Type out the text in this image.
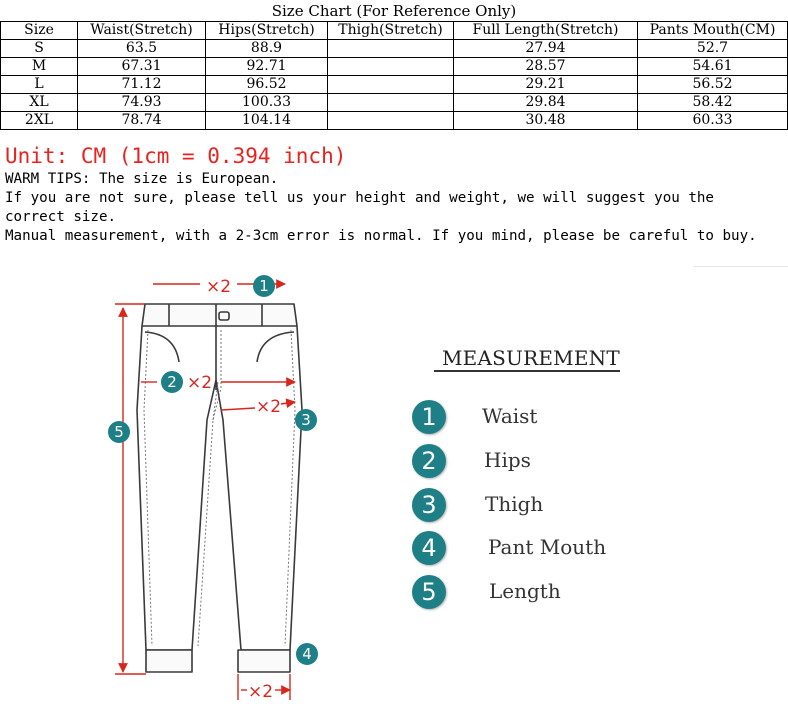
Size Chart (For Reference Only)
Size	Waist(Stretch)	Hips(Stretch)	Thigh(Stretch)	Full Length(Stretch)	Pants Mouth(CM)
S	63.5	88.9		27.94	52.7
M	67.31	92.71		28.57	54.61
L	71.12	96.52		29.21	56.52
XL	74.93	100.33		29.84	58.42
2XL	78.74	104.14		30.48	60.33
Unit: CM (1cm = 0.394 inch)

WARM TIPS: The size is European.

If you are not sure, please tell us your height and weight, we will suggest you the correct size.

Manual measurement, with a 2-3cm error is normal. If you mind, please be careful to buy.

×2
×2
×2
×2
1
2
3
4
5
MEASUREMENT
1	Waist
2	Hips
3	Thigh
4	Pant Mouth
5	Length
